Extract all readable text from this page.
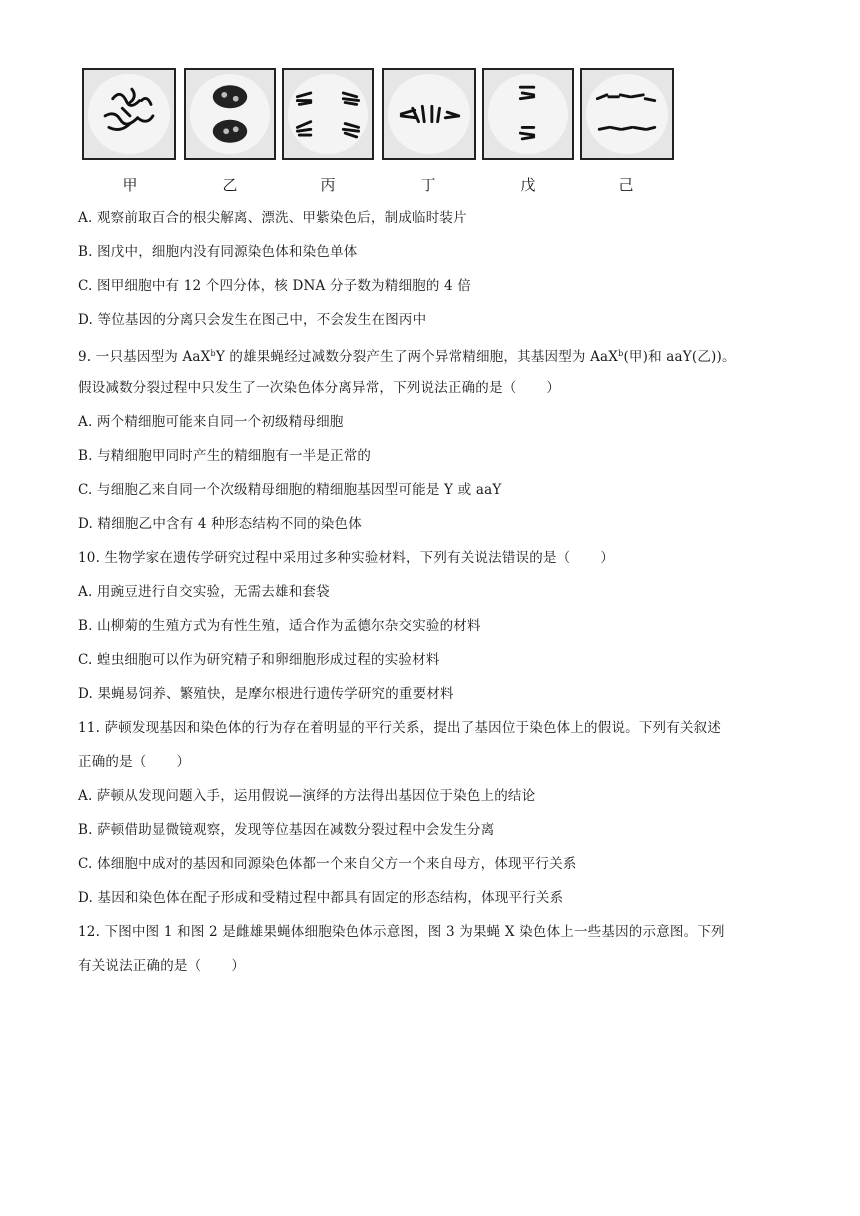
甲	乙	丙	丁	戊	己
A. 观察前取百合的根尖解离、漂洗、甲紫染色后，制成临时装片
B. 图戊中，细胞内没有同源染色体和染色单体
C. 图甲细胞中有 12 个四分体，核 DNA 分子数为精细胞的 4 倍
D. 等位基因的分离只会发生在图己中，不会发生在图丙中
9. 一只基因型为 AaX$^b$Y 的雄果蝇经过减数分裂产生了两个异常精细胞，其基因型为 AaX$^b$(甲)和 aaY(乙))。
假设减数分裂过程中只发生了一次染色体分离异常，下列说法正确的是（ ）
A. 两个精细胞可能来自同一个初级精母细胞
B. 与精细胞甲同时产生的精细胞有一半是正常的
C. 与细胞乙来自同一个次级精母细胞的精细胞基因型可能是 Y 或 aaY
D. 精细胞乙中含有 4 种形态结构不同的染色体
10. 生物学家在遗传学研究过程中采用过多种实验材料，下列有关说法错误的是（ ）
A. 用豌豆进行自交实验，无需去雄和套袋
B. 山柳菊的生殖方式为有性生殖，适合作为孟德尔杂交实验的材料
C. 蝗虫细胞可以作为研究精子和卵细胞形成过程的实验材料
D. 果蝇易饲养、繁殖快，是摩尔根进行遗传学研究的重要材料
11. 萨顿发现基因和染色体的行为存在着明显的平行关系，提出了基因位于染色体上的假说。下列有关叙述
正确的是（ ）
A. 萨顿从发现问题入手，运用假说—演绎的方法得出基因位于染色上的结论
B. 萨顿借助显微镜观察，发现等位基因在减数分裂过程中会发生分离
C. 体细胞中成对的基因和同源染色体都一个来自父方一个来自母方，体现平行关系
D. 基因和染色体在配子形成和受精过程中都具有固定的形态结构，体现平行关系
12. 下图中图 1 和图 2 是雌雄果蝇体细胞染色体示意图，图 3 为果蝇 X 染色体上一些基因的示意图。下列
有关说法正确的是（ ）
